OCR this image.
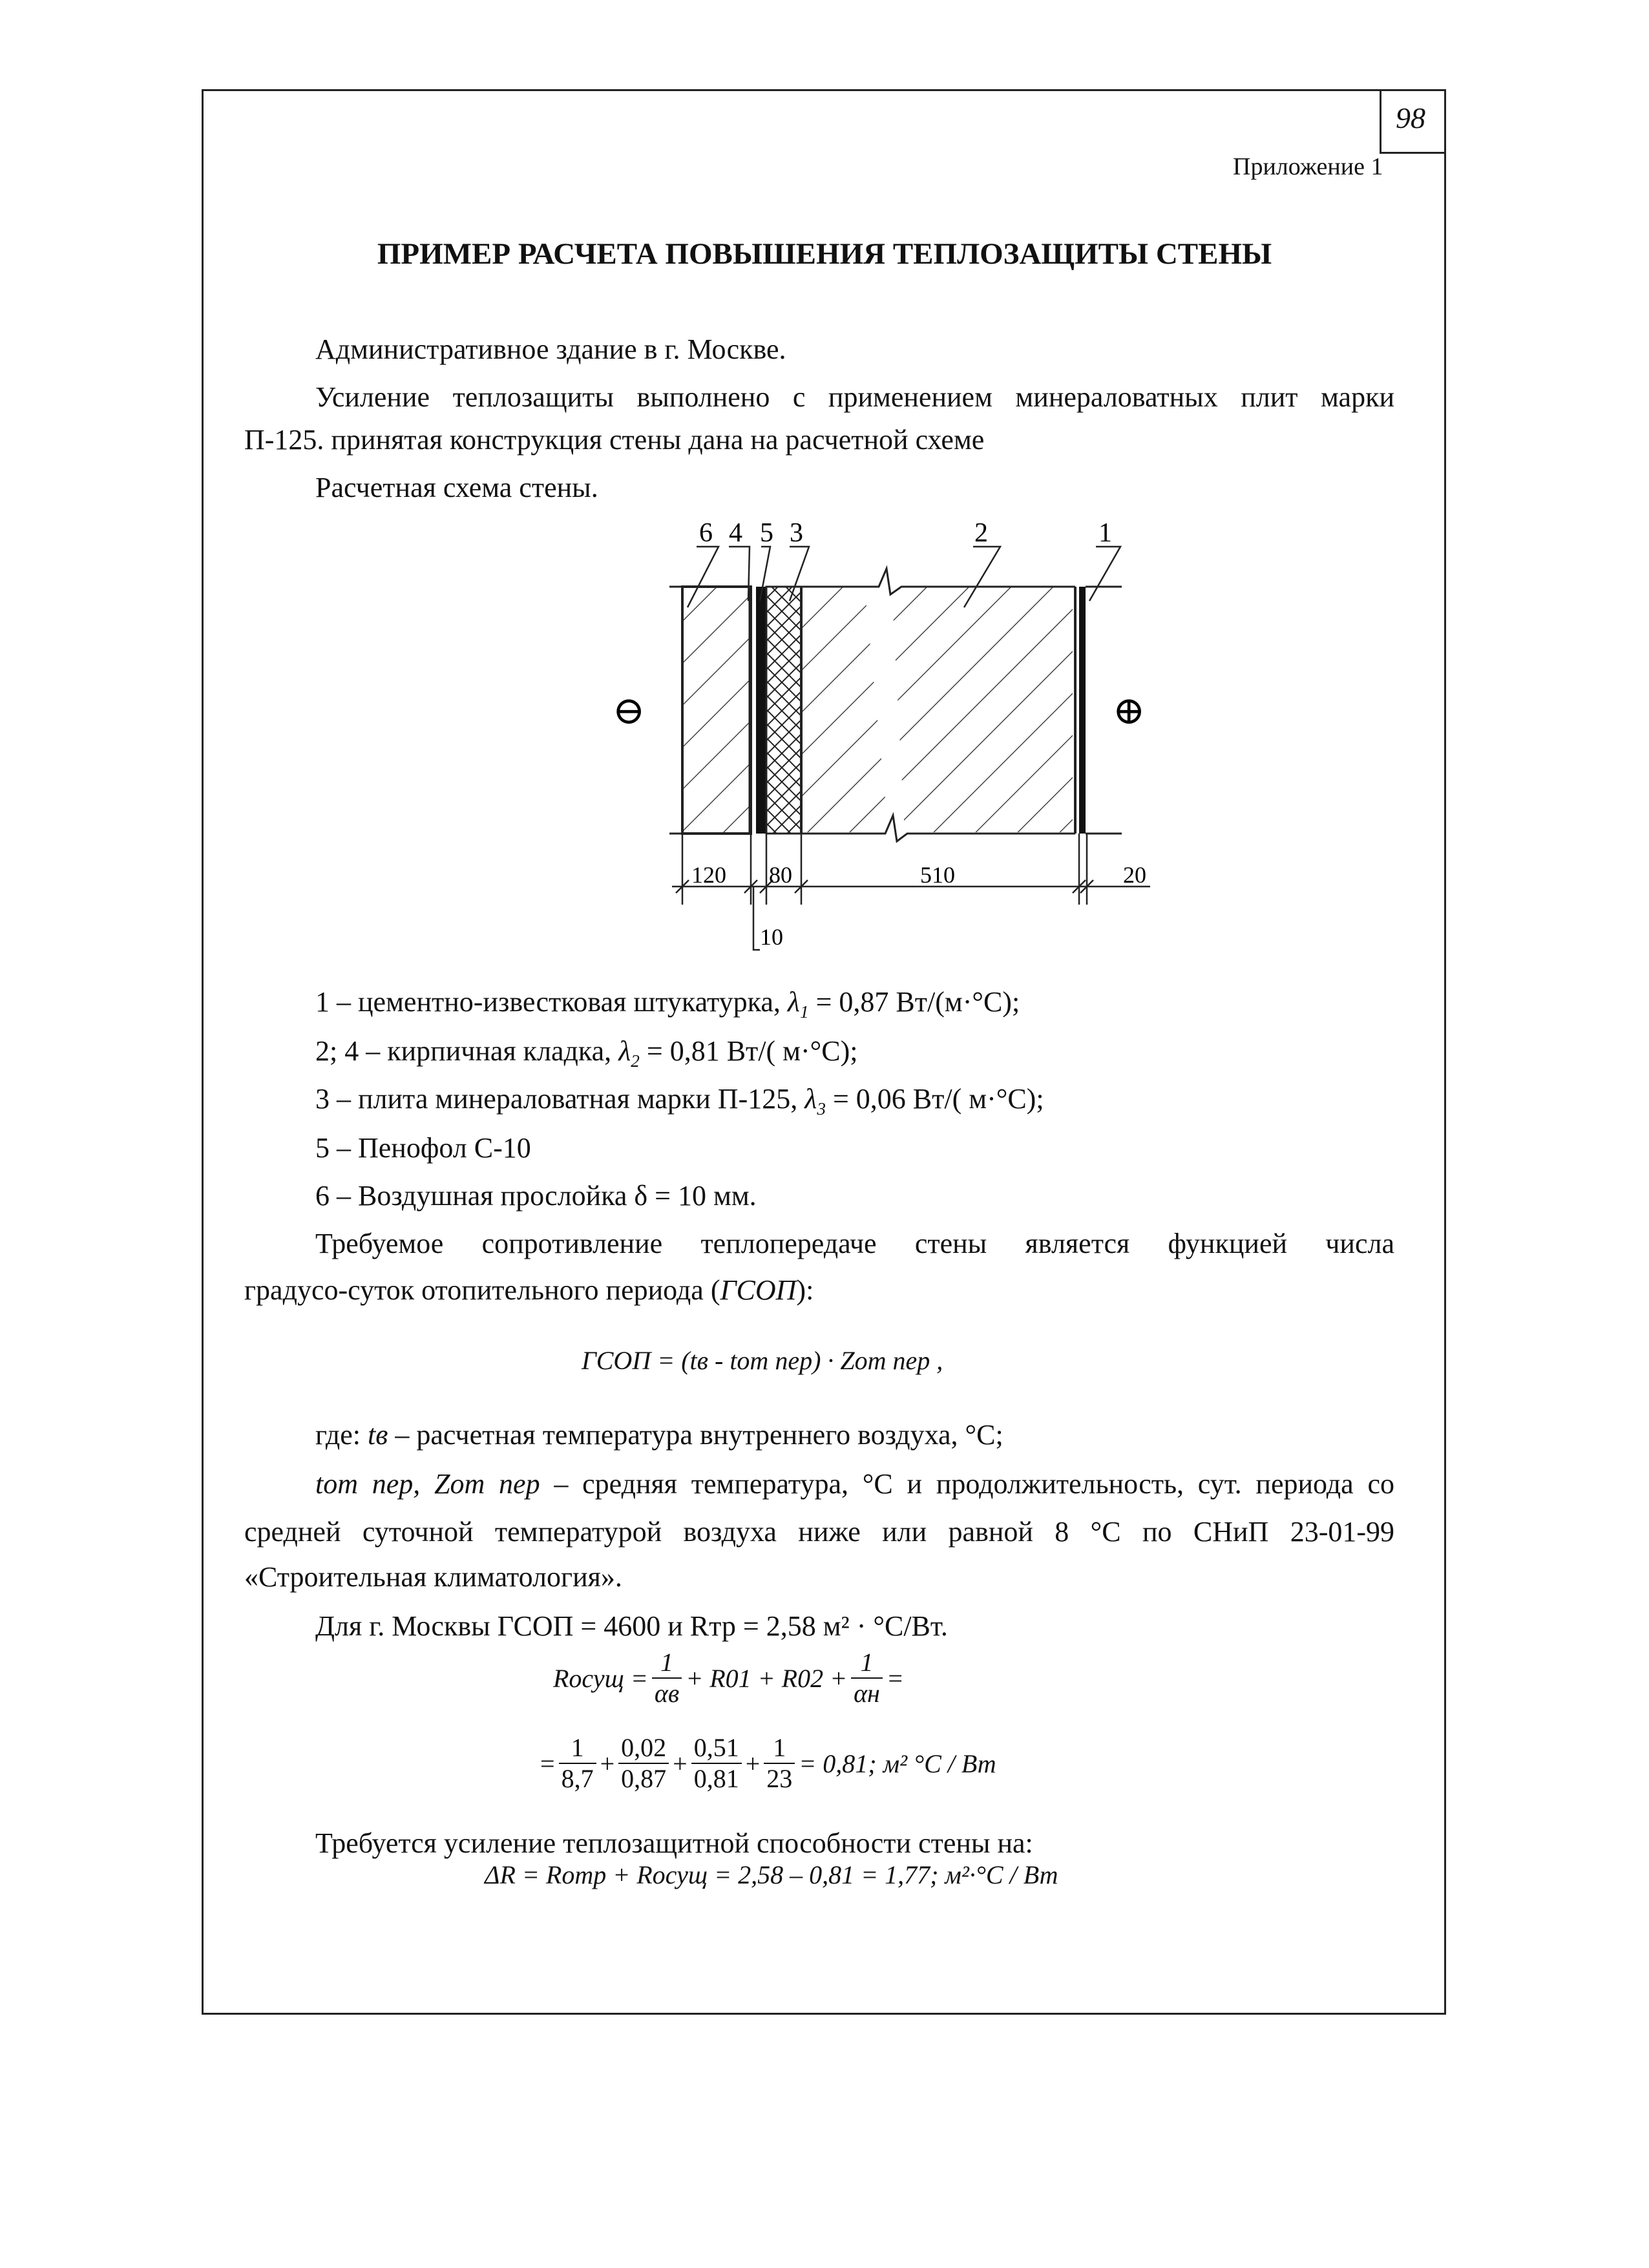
98
Приложение 1
ПРИМЕР РАСЧЕТА ПОВЫШЕНИЯ ТЕПЛОЗАЩИТЫ СТЕНЫ
Административное здание в г. Москве.
Усиление теплозащиты выполнено с применением минераловатных плит марки
П-125. принятая конструкция стены дана на расчетной схеме
Расчетная схема стены.
6 4 5 3	2	1
⊖	⊕
120 80	510	20
10
1 – цементно-известковая штукатурка, $\lambda_1 = 0,87$ Вт/(м·°С);
2; 4 – кирпичная кладка, $\lambda_2 = 0,81$ Вт/( м·°С);
3 – плита минераловатная марки П-125, $\lambda_3 = 0,06$ Вт/( м·°С);
5 – Пенофол С-10
6 – Воздушная прослойка δ = 10 мм.
Требуемое сопротивление теплопередаче стены является функцией числа
градусо-суток отопительного периода (ГСОП):
ГСОП = (tв - tот пер) · Zот пер ,
где: tв – расчетная температура внутреннего воздуха, °С;
tот пер, Zот пер – средняя температура, °С и продолжительность, сут. периода со
средней суточной температурой воздуха ниже или равной 8 °С по СНиП 23-01-99
«Строительная климатология».
Для г. Москвы ГСОП = 4600 и Rтр = 2,58 м² · °С/Вт.
Rосущ = $\frac{1}{\alpha в} + R01 + R02 + \frac{1}{\alpha н}$ =
= $\frac{1}{8,7} + \frac{0,02}{0,87} + \frac{0,51}{0,81} + \frac{1}{23} = 0,81$; м² °С / Вт
Требуется усиление теплозащитной способности стены на:
ΔR = Rотр + Rосущ = 2,58 – 0,81 = 1,77; м²·°С / Вт
